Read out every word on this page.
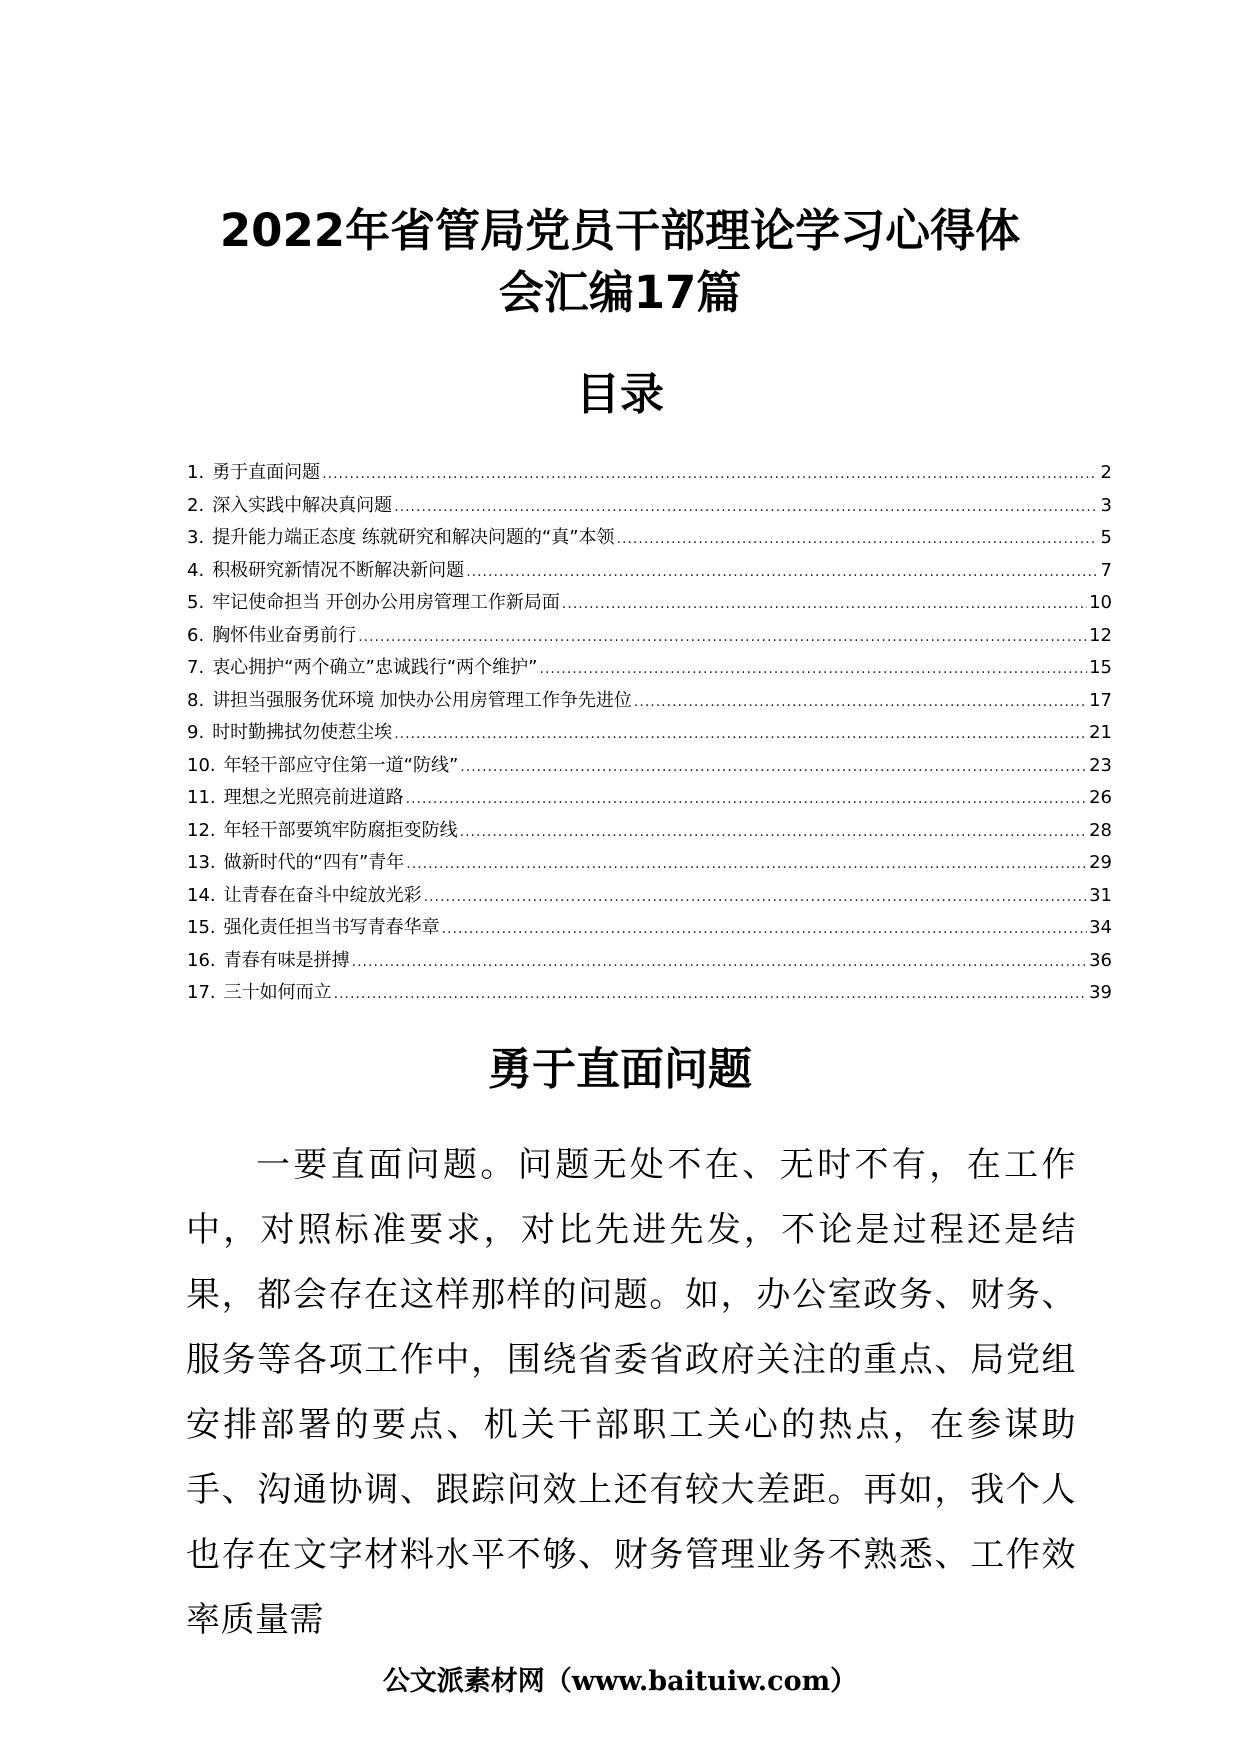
2022年省管局党员干部理论学习心得体
会汇编17篇
目录
1. 勇于直面问题 .....	2
2. 深入实践中解决真问题 .....	3
3. 提升能力端正态度 练就研究和解决问题的“真”本领 .....	5
4. 积极研究新情况不断解决新问题 .....	7
5. 牢记使命担当 开创办公用房管理工作新局面 .....	10
6. 胸怀伟业奋勇前行 .....	12
7. 衷心拥护“两个确立”忠诚践行“两个维护” .....	15
8. 讲担当强服务优环境 加快办公用房管理工作争先进位 .....	17
9. 时时勤拂拭勿使惹尘埃 .....	21
10. 年轻干部应守住第一道“防线” .....	23
11. 理想之光照亮前进道路 .....	26
12. 年轻干部要筑牢防腐拒变防线 .....	28
13. 做新时代的“四有”青年 .....	29
14. 让青春在奋斗中绽放光彩 .....	31
15. 强化责任担当书写青春华章 .....	34
16. 青春有味是拼搏 .....	36
17. 三十如何而立 .....	39
勇于直面问题

一要直面问题。问题无处不在、无时不有，在工作中，对照标准要求，对比先进先发，不论是过程还是结果，都会存在这样那样的问题。如，办公室政务、财务、服务等各项工作中，围绕省委省政府关注的重点、局党组安排部署的要点、机关干部职工关心的热点，在参谋助手、沟通协调、跟踪问效上还有较大差距。再如，我个人也存在文字材料水平不够、财务管理业务不熟悉、工作效率质量需

公文派素材网（www.baituiw.com）
